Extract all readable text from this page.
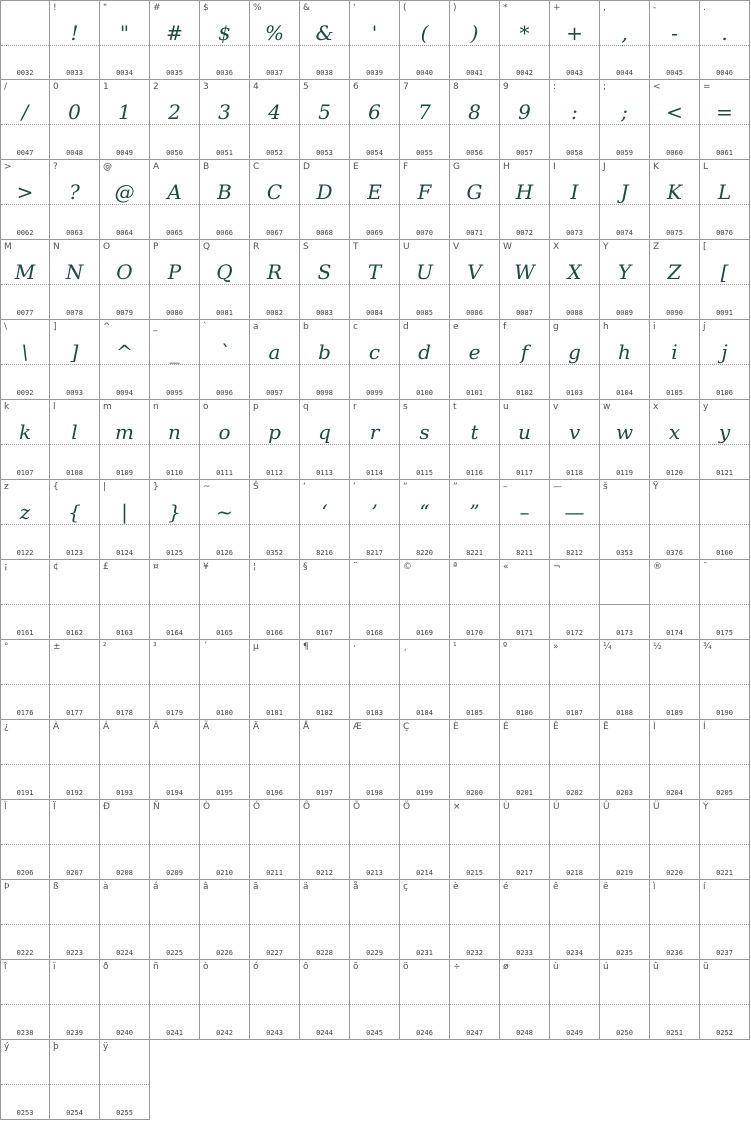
0032
!
!
0033
"
"
0034
#
#
0035
$
$
0036
%
%
0037
&
&
0038
'
'
0039
(
(
0040
)
)
0041
*
*
0042
+
+
0043
,
,
0044
-
-
0045
.
.
0046
/
/
0047
0
0
0048
1
1
0049
2
2
0050
3
3
0051
4
4
0052
5
5
0053
6
6
0054
7
7
0055
8
8
0056
9
9
0057
:
:
0058
;
;
0059
<
<
0060
=
=
0061
>
>
0062
?
?
0063
@
@
0064
A
A
0065
B
B
0066
C
C
0067
D
D
0068
E
E
0069
F
F
0070
G
G
0071
H
H
0072
I
I
0073
J
J
0074
K
K
0075
L
L
0076
M
M
0077
N
N
0078
O
O
0079
P
P
0080
Q
Q
0081
R
R
0082
S
S
0083
T
T
0084
U
U
0085
V
V
0086
W
W
0087
X
X
0088
Y
Y
0089
Z
Z
0090
[
[
0091
\
\
0092
]
]
0093
^
^
0094
_
_
0095
`
`
0096
a
a
0097
b
b
0098
c
c
0099
d
d
0100
e
e
0101
f
f
0102
g
g
0103
h
h
0104
i
i
0105
j
j
0106
k
k
0107
l
l
0108
m
m
0109
n
n
0110
o
o
0111
p
p
0112
q
q
0113
r
r
0114
s
s
0115
t
t
0116
u
u
0117
v
v
0118
w
w
0119
x
x
0120
y
y
0121
z
z
0122
{
{
0123
|
|
0124
}
}
0125
~
~
0126
Š
0352
‘
‘
8216
’
’
8217
“
“
8220
”
”
8221
–
–
8211
—
—
8212
š
0353
Ÿ
0376	0160
¡
0161
¢
0162
£
0163
¤
0164
¥
0165
¦
0166
§
0167
¨
0168
©
0169
ª
0170
«
0171
¬
0172	0173
®
0174
¯
0175
°
0176
±
0177
²
0178
³
0179
´
0180
µ
0181
¶
0182
·
0183
¸
0184
¹
0185
º
0186
»
0187
¼
0188
½
0189
¾
0190
¿
0191
À
0192
Á
0193
Â
0194
Ã
0195
Ä
0196
Å
0197
Æ
0198
Ç
0199
È
0200
É
0201
Ê
0202
Ë
0203
Ì
0204
Í
0205
Î
0206
Ï
0207
Ð
0208
Ñ
0209
Ò
0210
Ó
0211
Ô
0212
Õ
0213
Ö
0214
×
0215
Ù
0217
Ú
0218
Û
0219
Ü
0220
Ý
0221
Þ
0222
ß
0223
à
0224
á
0225
â
0226
ã
0227
ä
0228
å
0229
ç
0231
è
0232
é
0233
ê
0234
ë
0235
ì
0236
í
0237
î
0238
ï
0239
ð
0240
ñ
0241
ò
0242
ó
0243
ô
0244
õ
0245
ö
0246
÷
0247
ø
0248
ù
0249
ú
0250
û
0251
ü
0252
ý
0253
þ
0254
ÿ
0255
